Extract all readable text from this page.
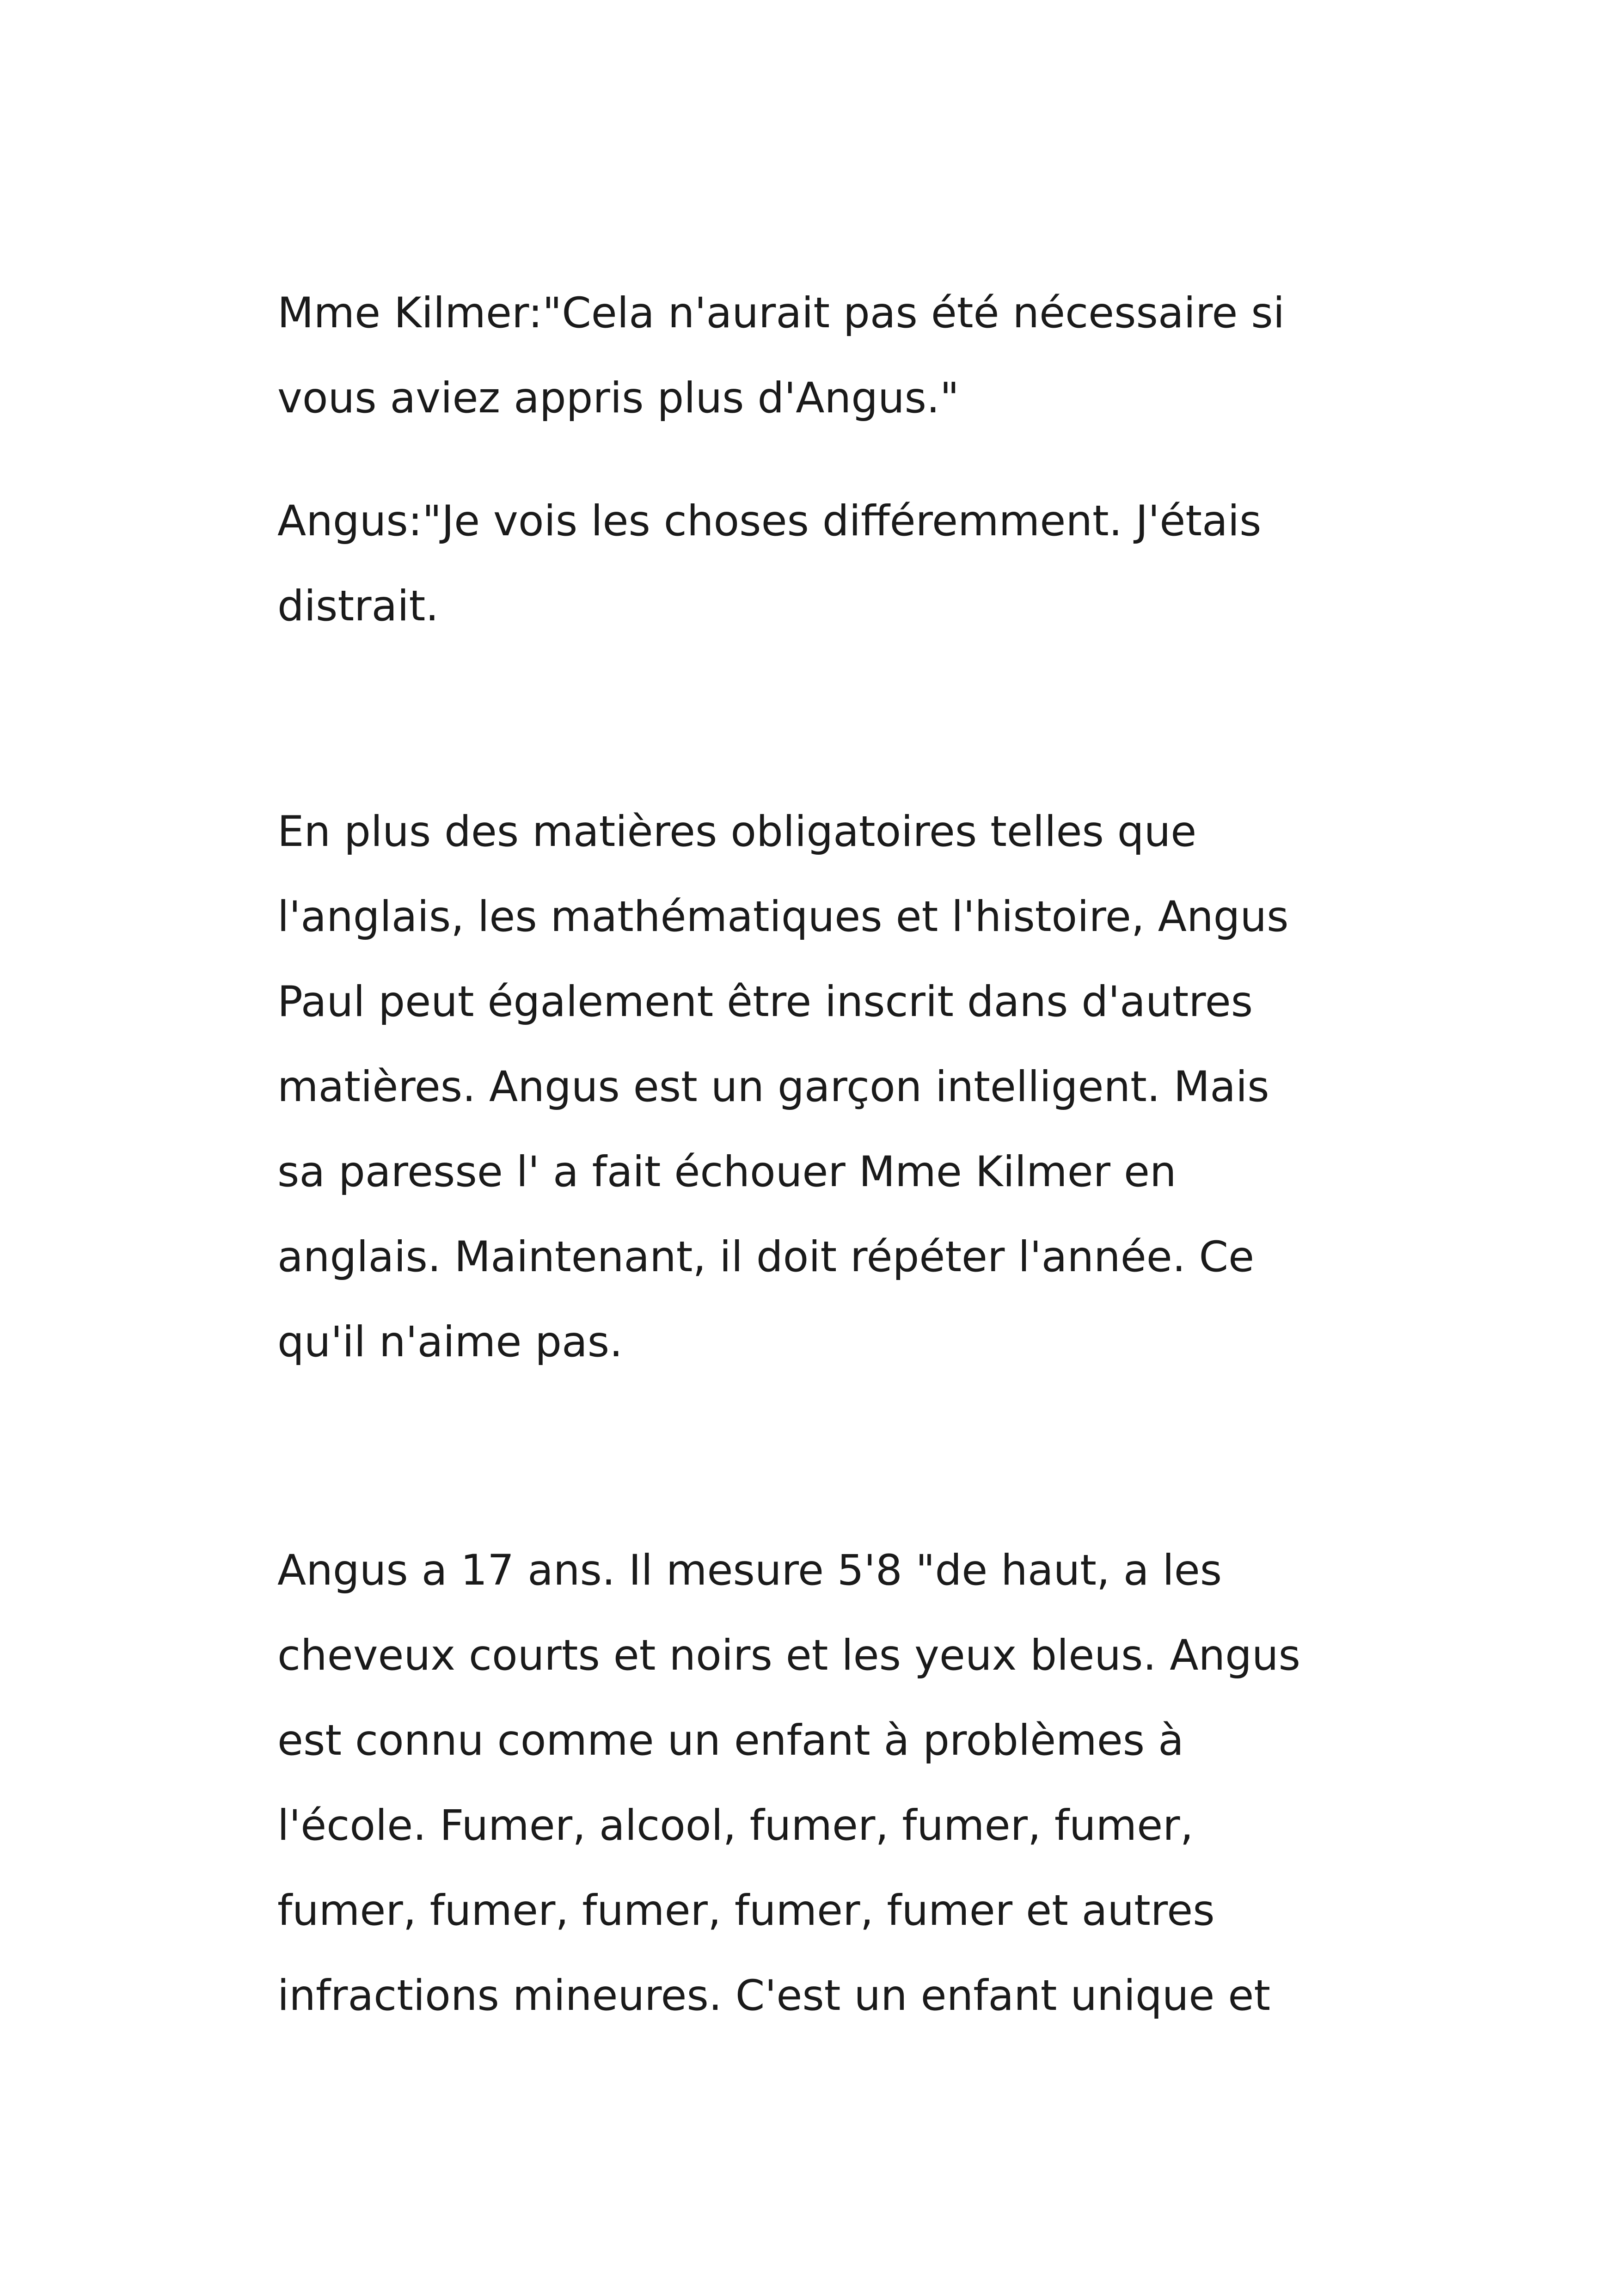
Mme Kilmer:"Cela n'aurait pas été nécessaire si
vous aviez appris plus d'Angus."

Angus:"Je vois les choses différemment. J'étais
distrait.

En plus des matières obligatoires telles que
l'anglais, les mathématiques et l'histoire, Angus
Paul peut également être inscrit dans d'autres
matières. Angus est un garçon intelligent. Mais
sa paresse l' a fait échouer Mme Kilmer en
anglais. Maintenant, il doit répéter l'année. Ce
qu'il n'aime pas.

Angus a 17 ans. Il mesure 5'8 "de haut, a les
cheveux courts et noirs et les yeux bleus. Angus
est connu comme un enfant à problèmes à
l'école. Fumer, alcool, fumer, fumer, fumer,
fumer, fumer, fumer, fumer, fumer et autres
infractions mineures. C'est un enfant unique et
